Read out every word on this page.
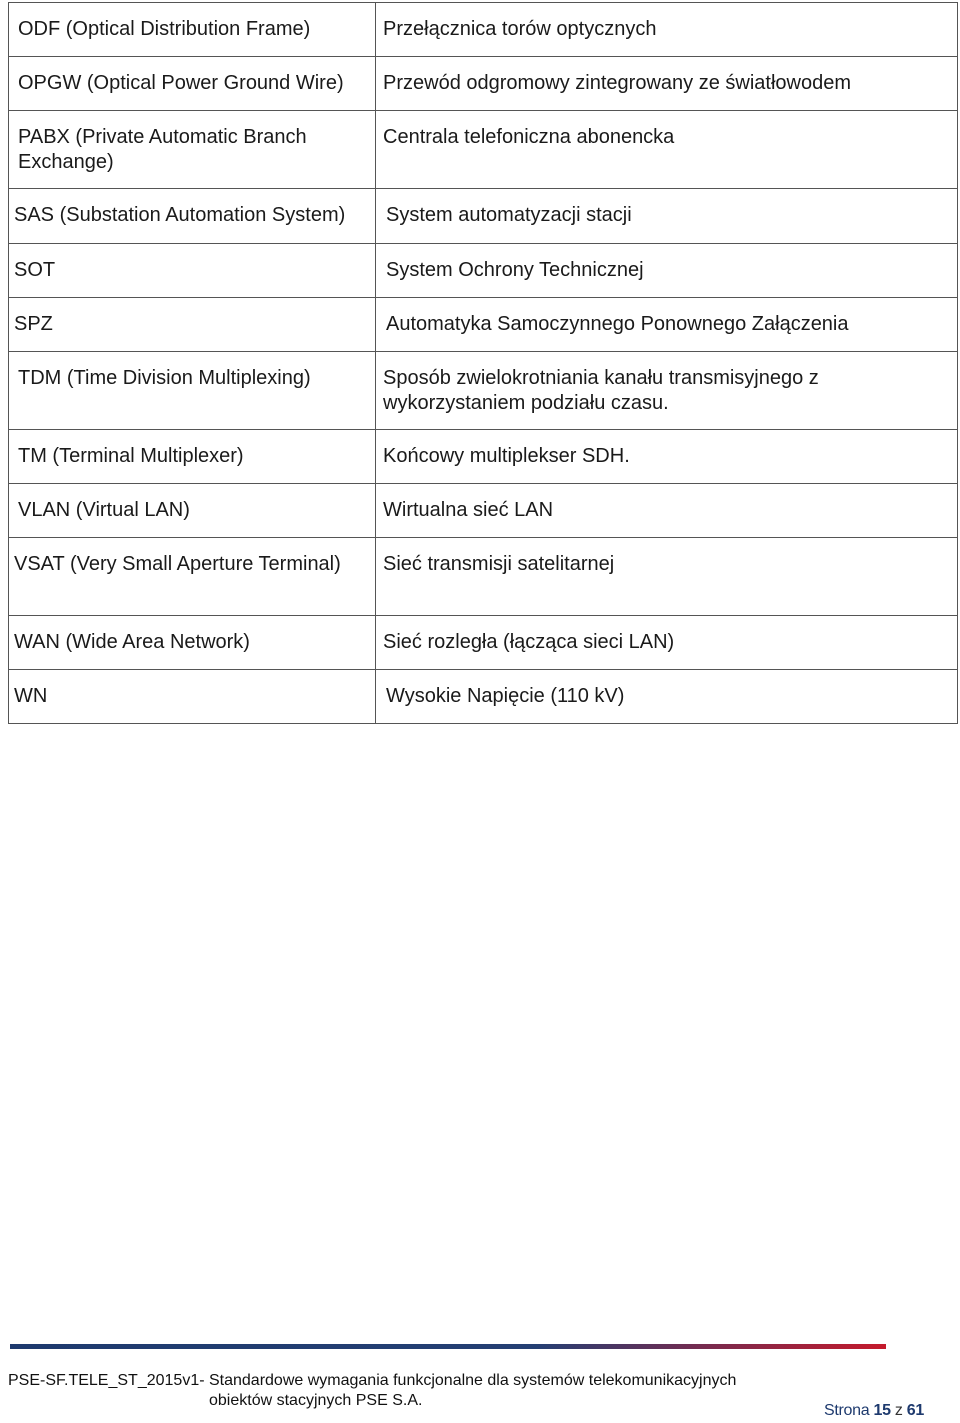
ODF (Optical Distribution Frame)	Przełącznica torów optycznych
OPGW (Optical Power Ground Wire)	Przewód odgromowy zintegrowany ze światłowodem
PABX (Private Automatic Branch Exchange)	Centrala telefoniczna abonencka
SAS (Substation Automation System)	System automatyzacji stacji
SOT	System Ochrony Technicznej
SPZ	Automatyka Samoczynnego Ponownego Załączenia
TDM (Time Division Multiplexing)	Sposób zwielokrotniania kanału transmisyjnego z wykorzystaniem podziału czasu.
TM (Terminal Multiplexer)	Końcowy multiplekser SDH.
VLAN (Virtual LAN)	Wirtualna sieć LAN
VSAT (Very Small Aperture Terminal)	Sieć transmisji satelitarnej
WAN (Wide Area Network)	Sieć rozległa (łącząca sieci LAN)
WN	Wysokie Napięcie (110 kV)
PSE-SF.TELE_ST_2015v1- Standardowe wymagania funkcjonalne dla systemów telekomunikacyjnych
obiektów stacyjnych PSE S.A.
Strona 15 z 61
